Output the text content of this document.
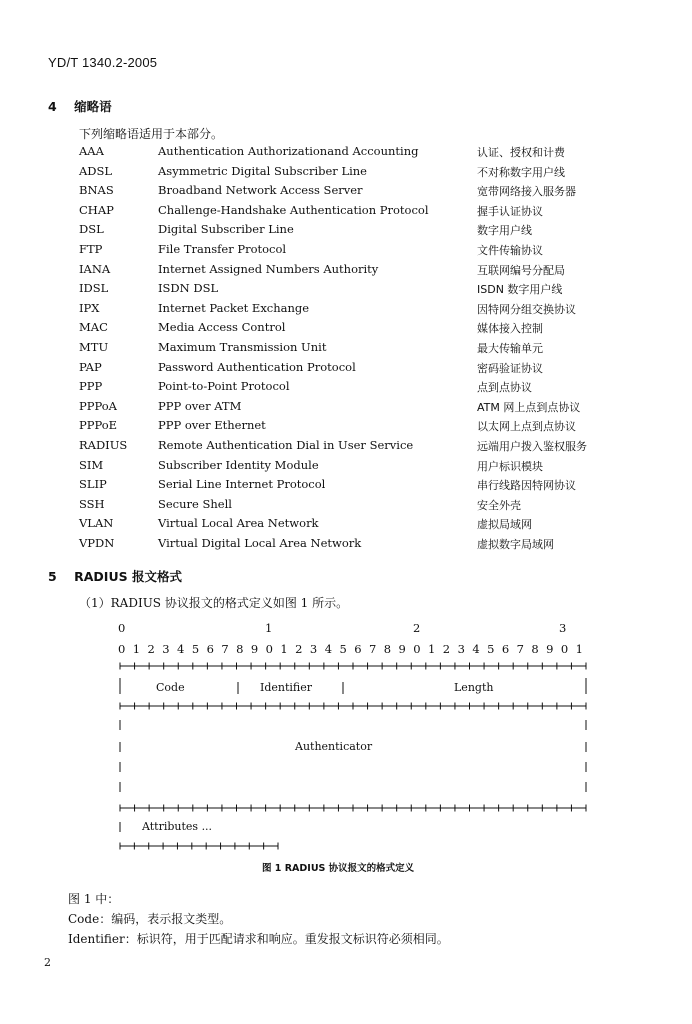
YD/T 1340.2-2005
4 缩略语
下列缩略语适用于本部分。
AAA	Authentication Authorizationand Accounting	认证、授权和计费
ADSL	Asymmetric Digital Subscriber Line	不对称数字用户线
BNAS	Broadband Network Access Server	宽带网络接入服务器
CHAP	Challenge-Handshake Authentication Protocol	握手认证协议
DSL	Digital Subscriber Line	数字用户线
FTP	File Transfer Protocol	文件传输协议
IANA	Internet Assigned Numbers Authority	互联网编号分配局
IDSL	ISDN DSL	ISDN 数字用户线
IPX	Internet Packet Exchange	因特网分组交换协议
MAC	Media Access Control	媒体接入控制
MTU	Maximum Transmission Unit	最大传输单元
PAP	Password Authentication Protocol	密码验证协议
PPP	Point-to-Point Protocol	点到点协议
PPPoA	PPP over ATM	ATM 网上点到点协议
PPPoE	PPP over Ethernet	以太网上点到点协议
RADIUS	Remote Authentication Dial in User Service	远端用户拨入鉴权服务
SIM	Subscriber Identity Module	用户标识模块
SLIP	Serial Line Internet Protocol	串行线路因特网协议
SSH	Secure Shell	安全外壳
VLAN	Virtual Local Area Network	虚拟局域网
VPDN	Virtual Digital Local Area Network	虚拟数字局域网
5 RADIUS 报文格式
（1）RADIUS 协议报文的格式定义如图 1 所示。
0	1	2	3
0 1 2 3 4 5 6 7 8 9 0 1 2 3 4 5 6 7 8 9 0 1 2 3 4 5 6 7 8 9 0 1
Code	Identifier	Length
Authenticator
Attributes ...
图 1 RADIUS 协议报文的格式定义
图 1 中：
Code：编码，表示报文类型。
Identifier：标识符，用于匹配请求和响应。重发报文标识符必须相同。
2
